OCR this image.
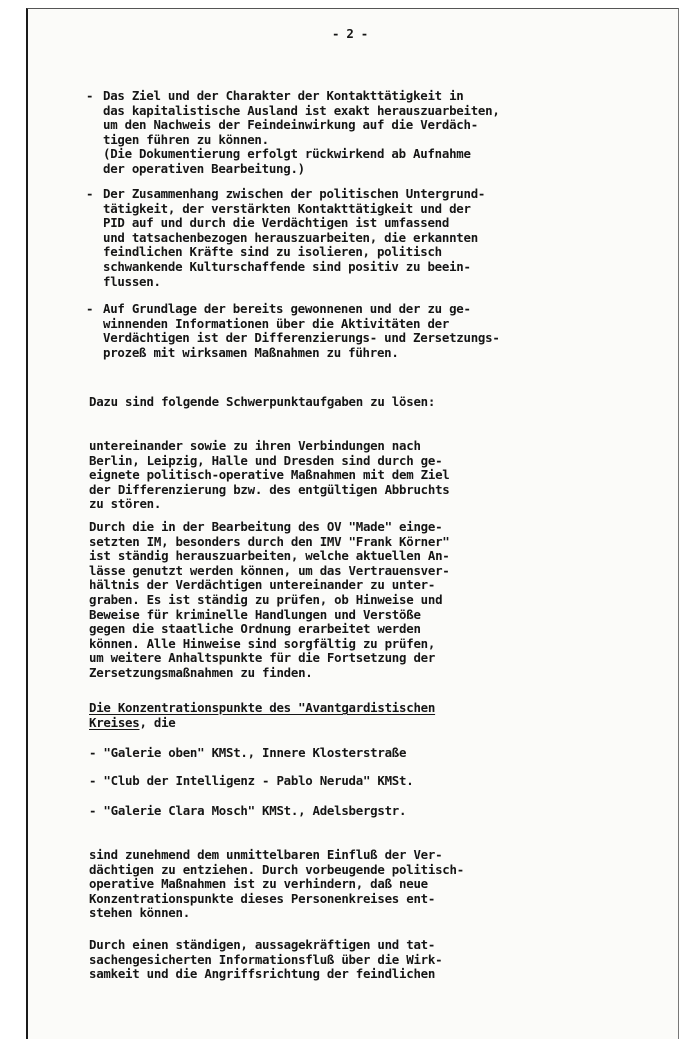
- 2 -
- Das Ziel und der Charakter der Kontakttätigkeit in
das kapitalistische Ausland ist exakt herauszuarbeiten,
um den Nachweis der Feindeinwirkung auf die Verdäch-
tigen führen zu können.
(Die Dokumentierung erfolgt rückwirkend ab Aufnahme
der operativen Bearbeitung.)
- Der Zusammenhang zwischen der politischen Untergrund-
tätigkeit, der verstärkten Kontakttätigkeit und der
PID auf und durch die Verdächtigen ist umfassend
und tatsachenbezogen herauszuarbeiten, die erkannten
feindlichen Kräfte sind zu isolieren, politisch
schwankende Kulturschaffende sind positiv zu beein-
flussen.
- Auf Grundlage der bereits gewonnenen und der zu ge-
winnenden Informationen über die Aktivitäten der
Verdächtigen ist der Differenzierungs- und Zersetzungs-
prozeß mit wirksamen Maßnahmen zu führen.
Dazu sind folgende Schwerpunktaufgaben zu lösen:
untereinander sowie zu ihren Verbindungen nach
Berlin, Leipzig, Halle und Dresden sind durch ge-
eignete politisch-operative Maßnahmen mit dem Ziel
der Differenzierung bzw. des entgültigen Abbruchts
zu stören.
Durch die in der Bearbeitung des OV "Made" einge-
setzten IM, besonders durch den IMV "Frank Körner"
ist ständig herauszuarbeiten, welche aktuellen An-
lässe genutzt werden können, um das Vertrauensver-
hältnis der Verdächtigen untereinander zu unter-
graben. Es ist ständig zu prüfen, ob Hinweise und
Beweise für kriminelle Handlungen und Verstöße
gegen die staatliche Ordnung erarbeitet werden
können. Alle Hinweise sind sorgfältig zu prüfen,
um weitere Anhaltspunkte für die Fortsetzung der
Zersetzungsmaßnahmen zu finden.
Die Konzentrationspunkte des "Avantgardistischen
Kreises, die
- "Galerie oben" KMSt., Innere Klosterstraße
- "Club der Intelligenz - Pablo Neruda" KMSt.
- "Galerie Clara Mosch" KMSt., Adelsbergstr.
sind zunehmend dem unmittelbaren Einfluß der Ver-
dächtigen zu entziehen. Durch vorbeugende politisch-
operative Maßnahmen ist zu verhindern, daß neue
Konzentrationspunkte dieses Personenkreises ent-
stehen können.
Durch einen ständigen, aussagekräftigen und tat-
sachengesicherten Informationsfluß über die Wirk-
samkeit und die Angriffsrichtung der feindlichen
